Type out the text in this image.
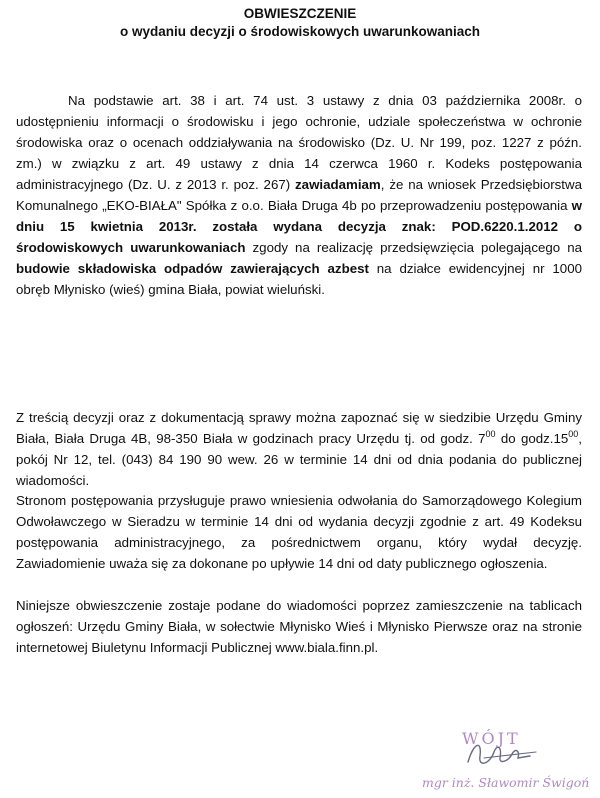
OBWIESZCZENIE
o wydaniu decyzji o środowiskowych uwarunkowaniach
Na podstawie art. 38 i art. 74 ust. 3 ustawy z dnia 03 października 2008r. o udostępnieniu informacji o środowisku i jego ochronie, udziale społeczeństwa w ochronie środowiska oraz o ocenach oddziaływania na środowisko (Dz. U. Nr 199, poz. 1227 z późn. zm.) w związku z art. 49 ustawy z dnia 14 czerwca 1960 r. Kodeks postępowania administracyjnego (Dz. U. z 2013 r. poz. 267) zawiadamiam, że na wniosek Przedsiębiorstwa Komunalnego „EKO-BIAŁA" Spółka z o.o. Biała Druga 4b po przeprowadzeniu postępowania w dniu 15 kwietnia 2013r. została wydana decyzja znak: POD.6220.1.2012 o środowiskowych uwarunkowaniach zgody na realizację przedsięwzięcia polegającego na budowie składowiska odpadów zawierających azbest na działce ewidencyjnej nr 1000 obręb Młynisko (wieś) gmina Biała, powiat wieluński.
Z treścią decyzji oraz z dokumentacją sprawy można zapoznać się w siedzibie Urzędu Gminy Biała, Biała Druga 4B, 98-350 Biała w godzinach pracy Urzędu tj. od godz. $7^{00}$ do $godz.15^{00}$, pokój Nr 12, tel. (043) 84 190 90 wew. 26 w terminie 14 dni od dnia podania do publicznej wiadomości.
Stronom postępowania przysługuje prawo wniesienia odwołania do Samorządowego Kolegium Odwoławczego w Sieradzu w terminie 14 dni od wydania decyzji zgodnie z art. 49 Kodeksu postępowania administracyjnego, za pośrednictwem organu, który wydał decyzję. Zawiadomienie uważa się za dokonane po upływie 14 dni od daty publicznego ogłoszenia.
Niniejsze obwieszczenie zostaje podane do wiadomości poprzez zamieszczenie na tablicach ogłoszeń: Urzędu Gminy Biała, w sołectwie Młynisko Wieś i Młynisko Pierwsze oraz na stronie internetowej Biuletynu Informacji Publicznej www.biala.finn.pl.
WÓJT
mgr inż. Sławomir Świgoń
